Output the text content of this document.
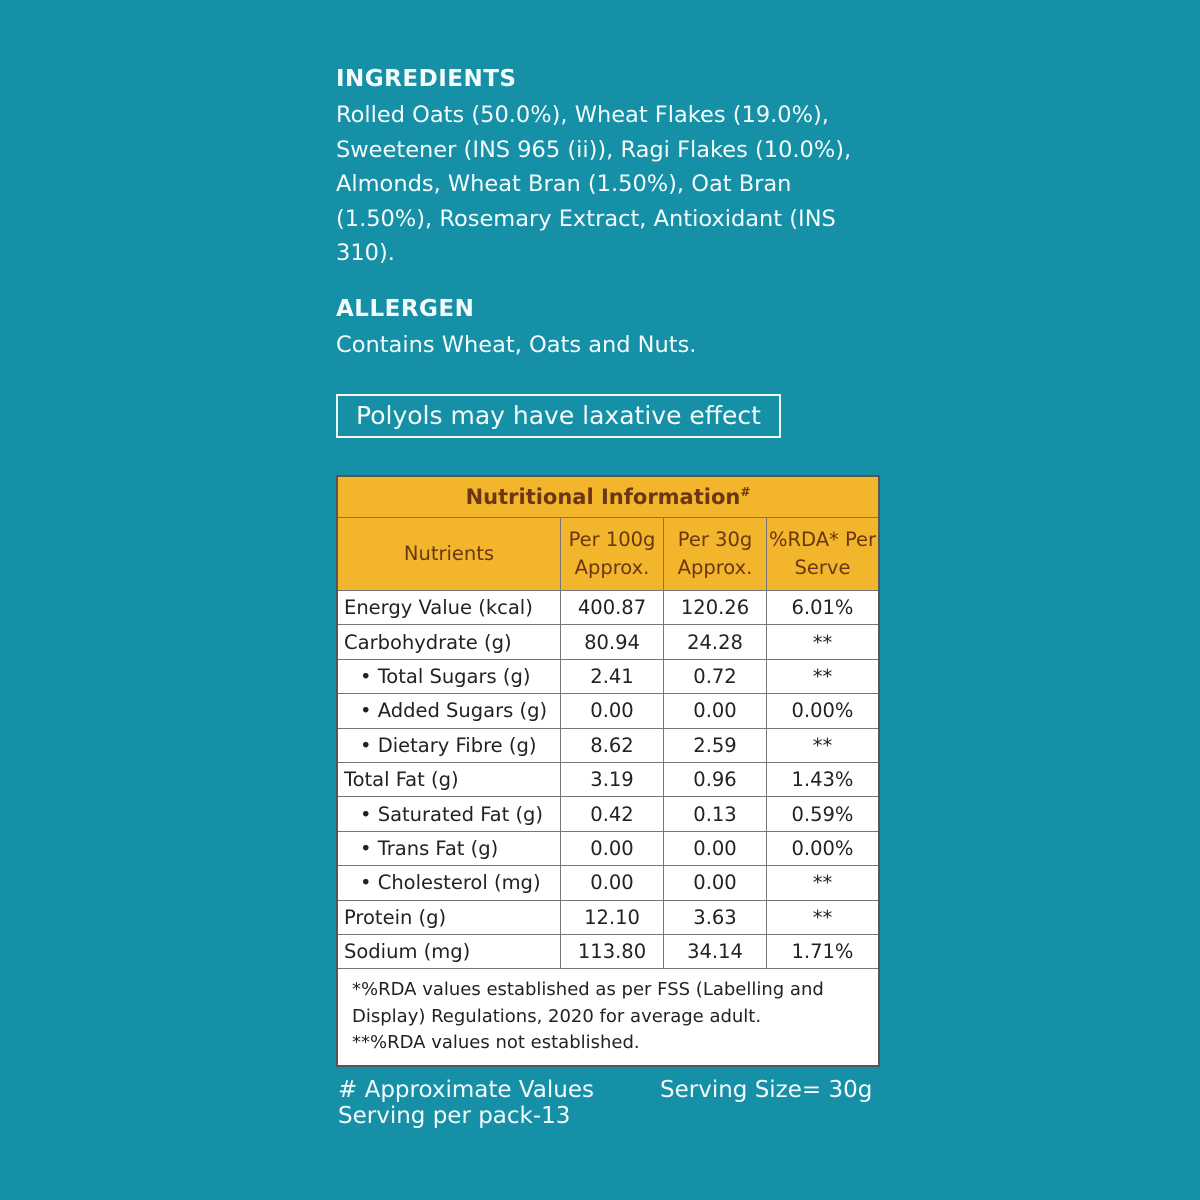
INGREDIENTS
Rolled Oats (50.0%), Wheat Flakes (19.0%), Sweetener (INS 965 (ii)), Ragi Flakes (10.0%), Almonds, Wheat Bran (1.50%), Oat Bran (1.50%), Rosemary Extract, Antioxidant (INS 310).
ALLERGEN
Contains Wheat, Oats and Nuts.
Polyols may have laxative effect
Nutritional Information#
Nutrients	Per 100g Approx.	Per 30g Approx.	%RDA* Per Serve
Energy Value (kcal)	400.87	120.26	6.01%
Carbohydrate (g)	80.94	24.28	**
• Total Sugars (g)	2.41	0.72	**
• Added Sugars (g)	0.00	0.00	0.00%
• Dietary Fibre (g)	8.62	2.59	**
Total Fat (g)	3.19	0.96	1.43%
• Saturated Fat (g)	0.42	0.13	0.59%
• Trans Fat (g)	0.00	0.00	0.00%
• Cholesterol (mg)	0.00	0.00	**
Protein (g)	12.10	3.63	**
Sodium (mg)	113.80	34.14	1.71%

*%RDA values established as per FSS (Labelling and Display) Regulations, 2020 for average adult.
**%RDA values not established.			
# Approximate Values
Serving per pack-13
Serving Size= 30g
